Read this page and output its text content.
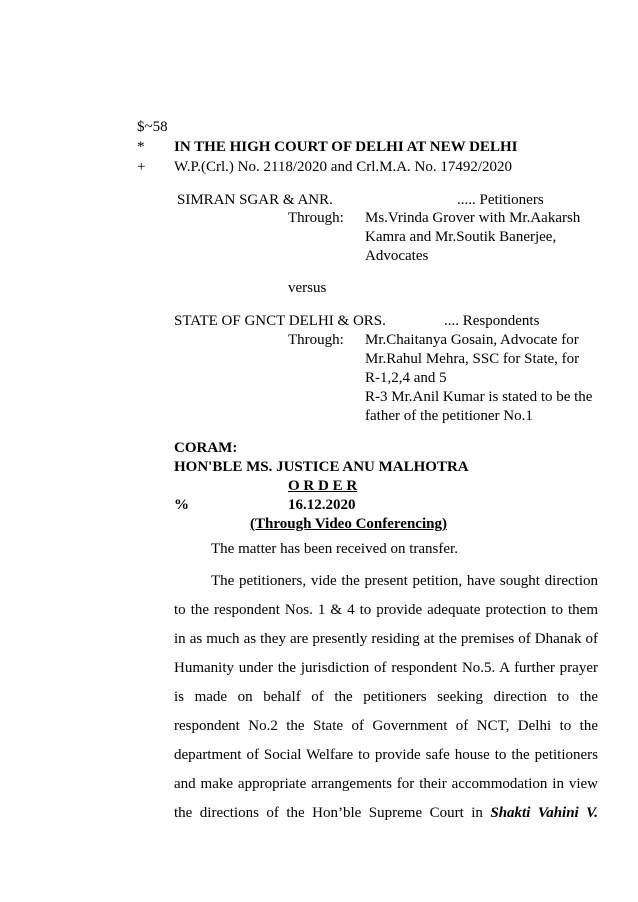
$~58
* IN THE HIGH COURT OF DELHI AT NEW DELHI
+ W.P.(Crl.) No. 2118/2020 and Crl.M.A. No. 17492/2020
SIMRAN SGAR & ANR.	..... Petitioners
Through: Ms.Vrinda Grover with Mr.Aakarsh
Kamra and Mr.Soutik Banerjee,
Advocates
versus
STATE OF GNCT DELHI & ORS.	.... Respondents
Through: Mr.Chaitanya Gosain, Advocate for
Mr.Rahul Mehra, SSC for State, for
R-1,2,4 and 5
R-3 Mr.Anil Kumar is stated to be the
father of the petitioner No.1
CORAM:
HON'BLE MS. JUSTICE ANU MALHOTRA
O R D E R
%	16.12.2020
(Through Video Conferencing)
The matter has been received on transfer.
The petitioners, vide the present petition, have sought direction
to the respondent Nos. 1 & 4 to provide adequate protection to them
in as much as they are presently residing at the premises of Dhanak of
Humanity under the jurisdiction of respondent No.5. A further prayer
is made on behalf of the petitioners seeking direction to the
respondent No.2 the State of Government of NCT, Delhi to the
department of Social Welfare to provide safe house to the petitioners
and make appropriate arrangements for their accommodation in view
the directions of the Hon’ble Supreme Court in Shakti Vahini V.
